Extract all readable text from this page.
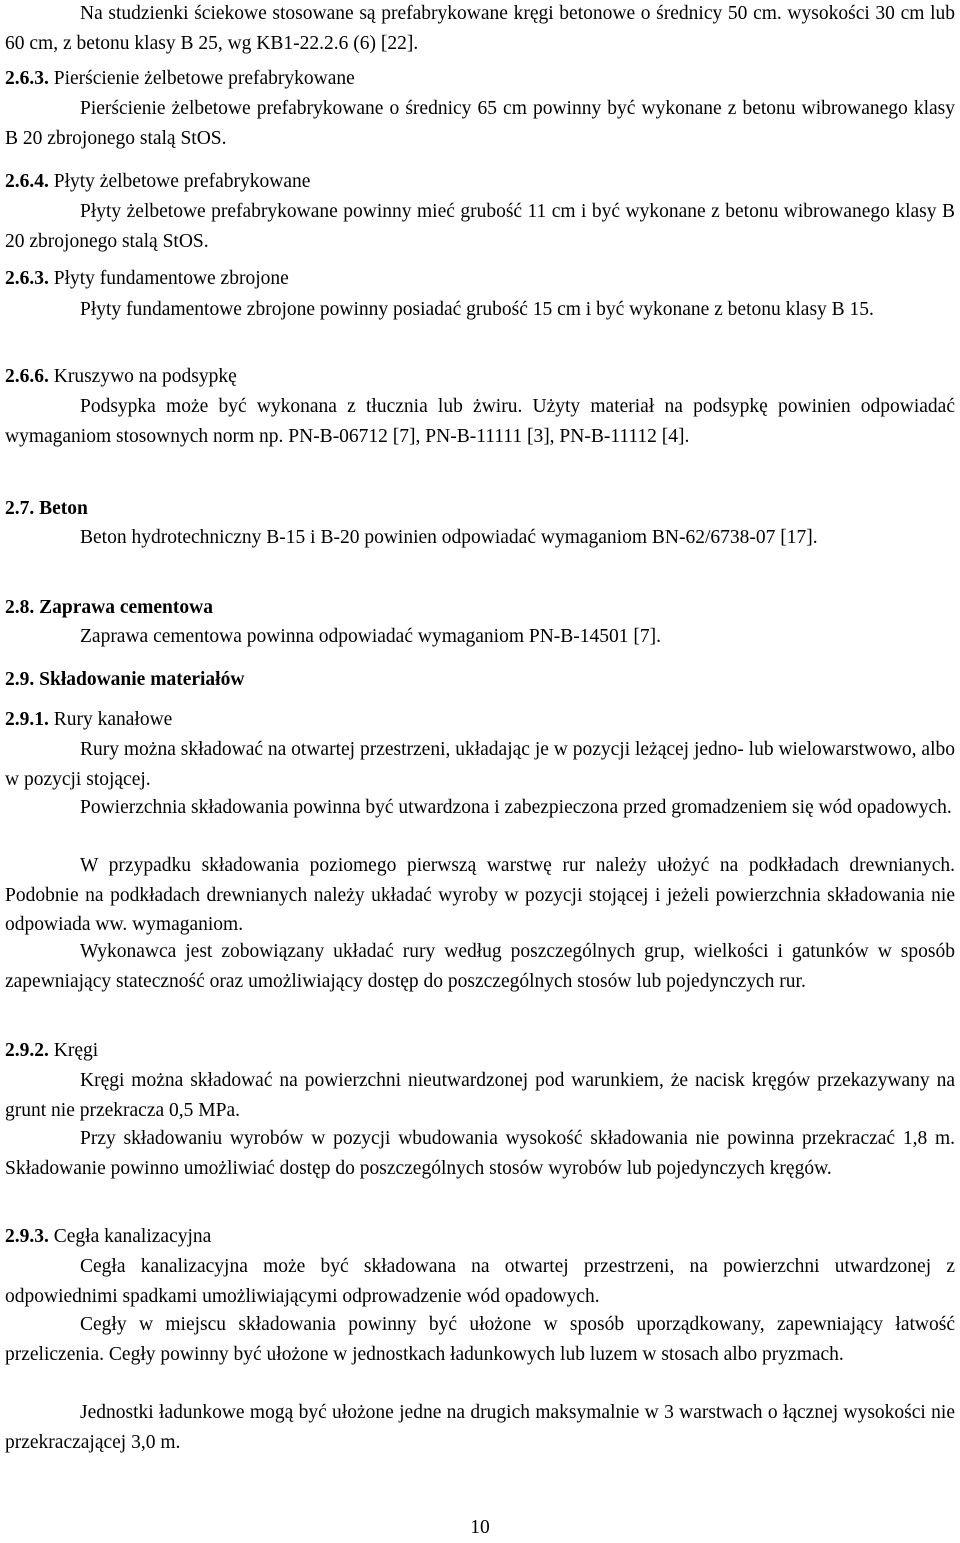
Na studzienki ściekowe stosowane są prefabrykowane kręgi betonowe o średnicy 50 cm. wysokości 30 cm lub 60 cm, z betonu klasy B 25, wg KB1-22.2.6 (6) [22].
2.6.3. Pierścienie żelbetowe prefabrykowane
Pierścienie żelbetowe prefabrykowane o średnicy 65 cm powinny być wykonane z betonu wibrowanego klasy B 20 zbrojonego stalą StOS.
2.6.4. Płyty żelbetowe prefabrykowane
Płyty żelbetowe prefabrykowane powinny mieć grubość 11 cm i być wykonane z betonu wibrowanego klasy B 20 zbrojonego stalą StOS.
2.6.3. Płyty fundamentowe zbrojone
Płyty fundamentowe zbrojone powinny posiadać grubość 15 cm i być wykonane z betonu klasy B 15.
2.6.6. Kruszywo na podsypkę
Podsypka może być wykonana z tłucznia lub żwiru. Użyty materiał na podsypkę powinien odpowiadać wymaganiom stosownych norm np. PN-B-06712 [7], PN-B-11111 [3], PN-B-11112 [4].
2.7. Beton
Beton hydrotechniczny B-15 i B-20 powinien odpowiadać wymaganiom BN-62/6738-07 [17].
2.8. Zaprawa cementowa
Zaprawa cementowa powinna odpowiadać wymaganiom PN-B-14501 [7].
2.9. Składowanie materiałów
2.9.1. Rury kanałowe
Rury można składować na otwartej przestrzeni, układając je w pozycji leżącej jedno- lub wielowarstwowo, albo w pozycji stojącej.
Powierzchnia składowania powinna być utwardzona i zabezpieczona przed gromadzeniem się wód opadowych.
W przypadku składowania poziomego pierwszą warstwę rur należy ułożyć na podkładach drewnianych. Podobnie na podkładach drewnianych należy układać wyroby w pozycji stojącej i jeżeli powierzchnia składowania nie odpowiada ww. wymaganiom.
Wykonawca jest zobowiązany układać rury według poszczególnych grup, wielkości i gatunków w sposób zapewniający stateczność oraz umożliwiający dostęp do poszczególnych stosów lub pojedynczych rur.
2.9.2. Kręgi
Kręgi można składować na powierzchni nieutwardzonej pod warunkiem, że nacisk kręgów przekazywany na grunt nie przekracza 0,5 MPa.
Przy składowaniu wyrobów w pozycji wbudowania wysokość składowania nie powinna przekraczać 1,8 m. Składowanie powinno umożliwiać dostęp do poszczególnych stosów wyrobów lub pojedynczych kręgów.
2.9.3. Cegła kanalizacyjna
Cegła kanalizacyjna może być składowana na otwartej przestrzeni, na powierzchni utwardzonej z odpowiednimi spadkami umożliwiającymi odprowadzenie wód opadowych.
Cegły w miejscu składowania powinny być ułożone w sposób uporządkowany, zapewniający łatwość przeliczenia. Cegły powinny być ułożone w jednostkach ładunkowych lub luzem w stosach albo pryzmach.
Jednostki ładunkowe mogą być ułożone jedne na drugich maksymalnie w 3 warstwach o łącznej wysokości nie przekraczającej 3,0 m.
10
